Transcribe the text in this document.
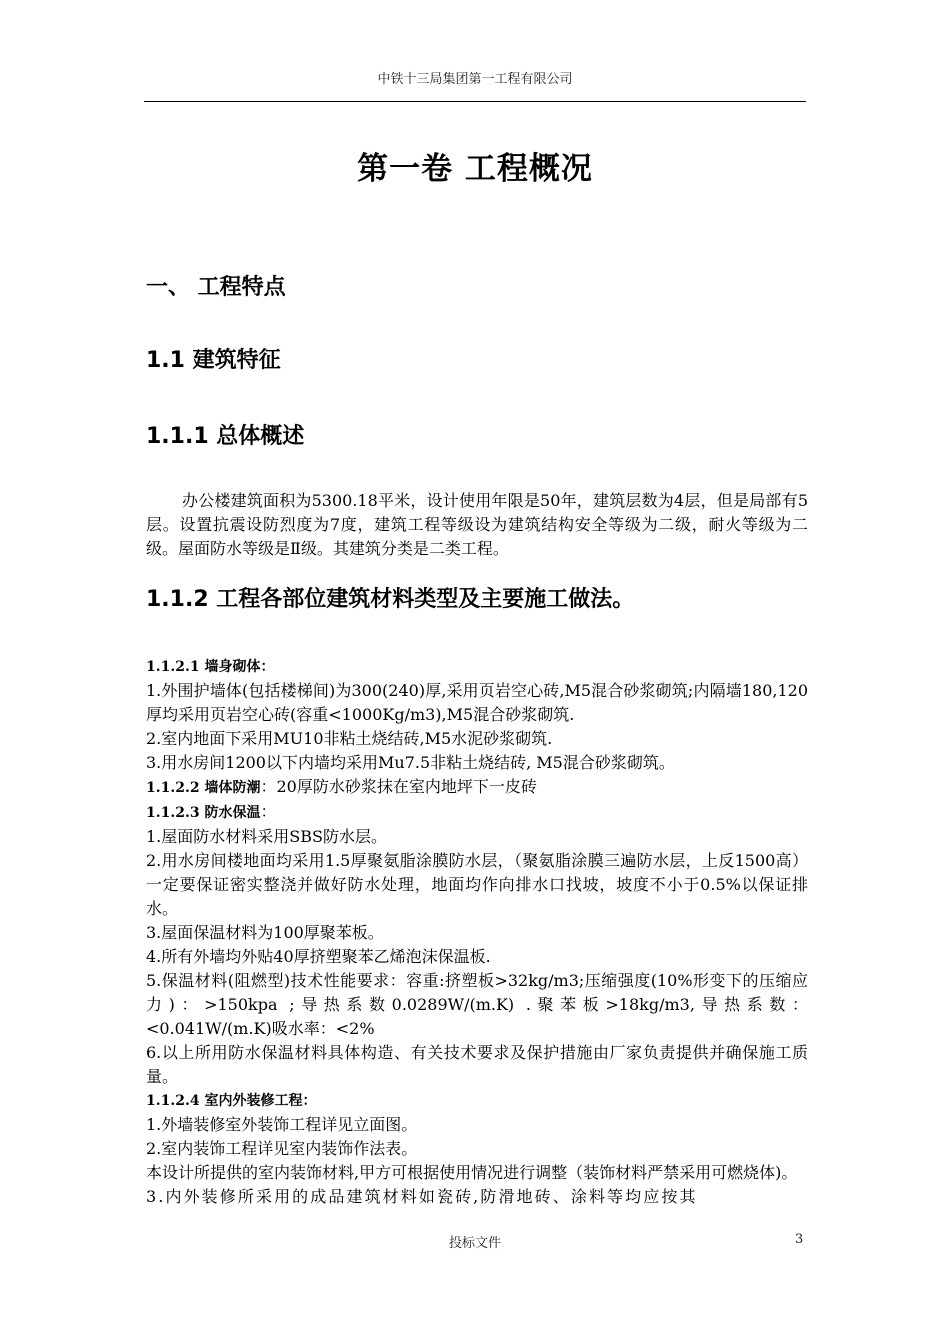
中铁十三局集团第一工程有限公司
第一卷 工程概况
一、 工程特点
1.1 建筑特征
1.1.1 总体概述
办公楼建筑面积为5300.18平米，设计使用年限是50年，建筑层数为4层，但是局部有5层。设置抗震设防烈度为7度，建筑工程等级设为建筑结构安全等级为二级，耐火等级为二级。屋面防水等级是Ⅱ级。其建筑分类是二类工程。
1.1.2 工程各部位建筑材料类型及主要施工做法。
1.1.2.1 墙身砌体：
1.外围护墙体(包括楼梯间)为300(240)厚,采用页岩空心砖,M5混合砂浆砌筑;内隔墙180,120厚均采用页岩空心砖(容重<1000Kg/m3),M5混合砂浆砌筑.
2.室内地面下采用MU10非粘土烧结砖,M5水泥砂浆砌筑.
3.用水房间1200以下内墙均采用Mu7.5非粘土烧结砖, M5混合砂浆砌筑。
1.1.2.2 墙体防潮：20厚防水砂浆抹在室内地坪下一皮砖
1.1.2.3 防水保温：
1.屋面防水材料采用SBS防水层。
2.用水房间楼地面均采用1.5厚聚氨脂涂膜防水层，（聚氨脂涂膜三遍防水层，上反1500高）一定要保证密实整浇并做好防水处理，地面均作向排水口找坡，坡度不小于0.5%以保证排水。
3.屋面保温材料为100厚聚苯板。
4.所有外墙均外贴40厚挤塑聚苯乙烯泡沫保温板.
5.保温材料(阻燃型)技术性能要求：容重:挤塑板>32kg/m3;压缩强度(10%形变下的压缩应力)：>150kpa ;导热系数0.0289W/(m.K) .聚苯板>18kg/m3,导热系数：<0.041W/(m.K)吸水率：<2%
6.以上所用防水保温材料具体构造、有关技术要求及保护措施由厂家负责提供并确保施工质量。
1.1.2.4 室内外装修工程：
1.外墙装修室外装饰工程详见立面图。
2.室内装饰工程详见室内装饰作法表。
本设计所提供的室内装饰材料,甲方可根据使用情况进行调整（装饰材料严禁采用可燃烧体)。
3.内外装修所采用的成品建筑材料如瓷砖,防滑地砖、涂料等均应按其
投标文件	3
